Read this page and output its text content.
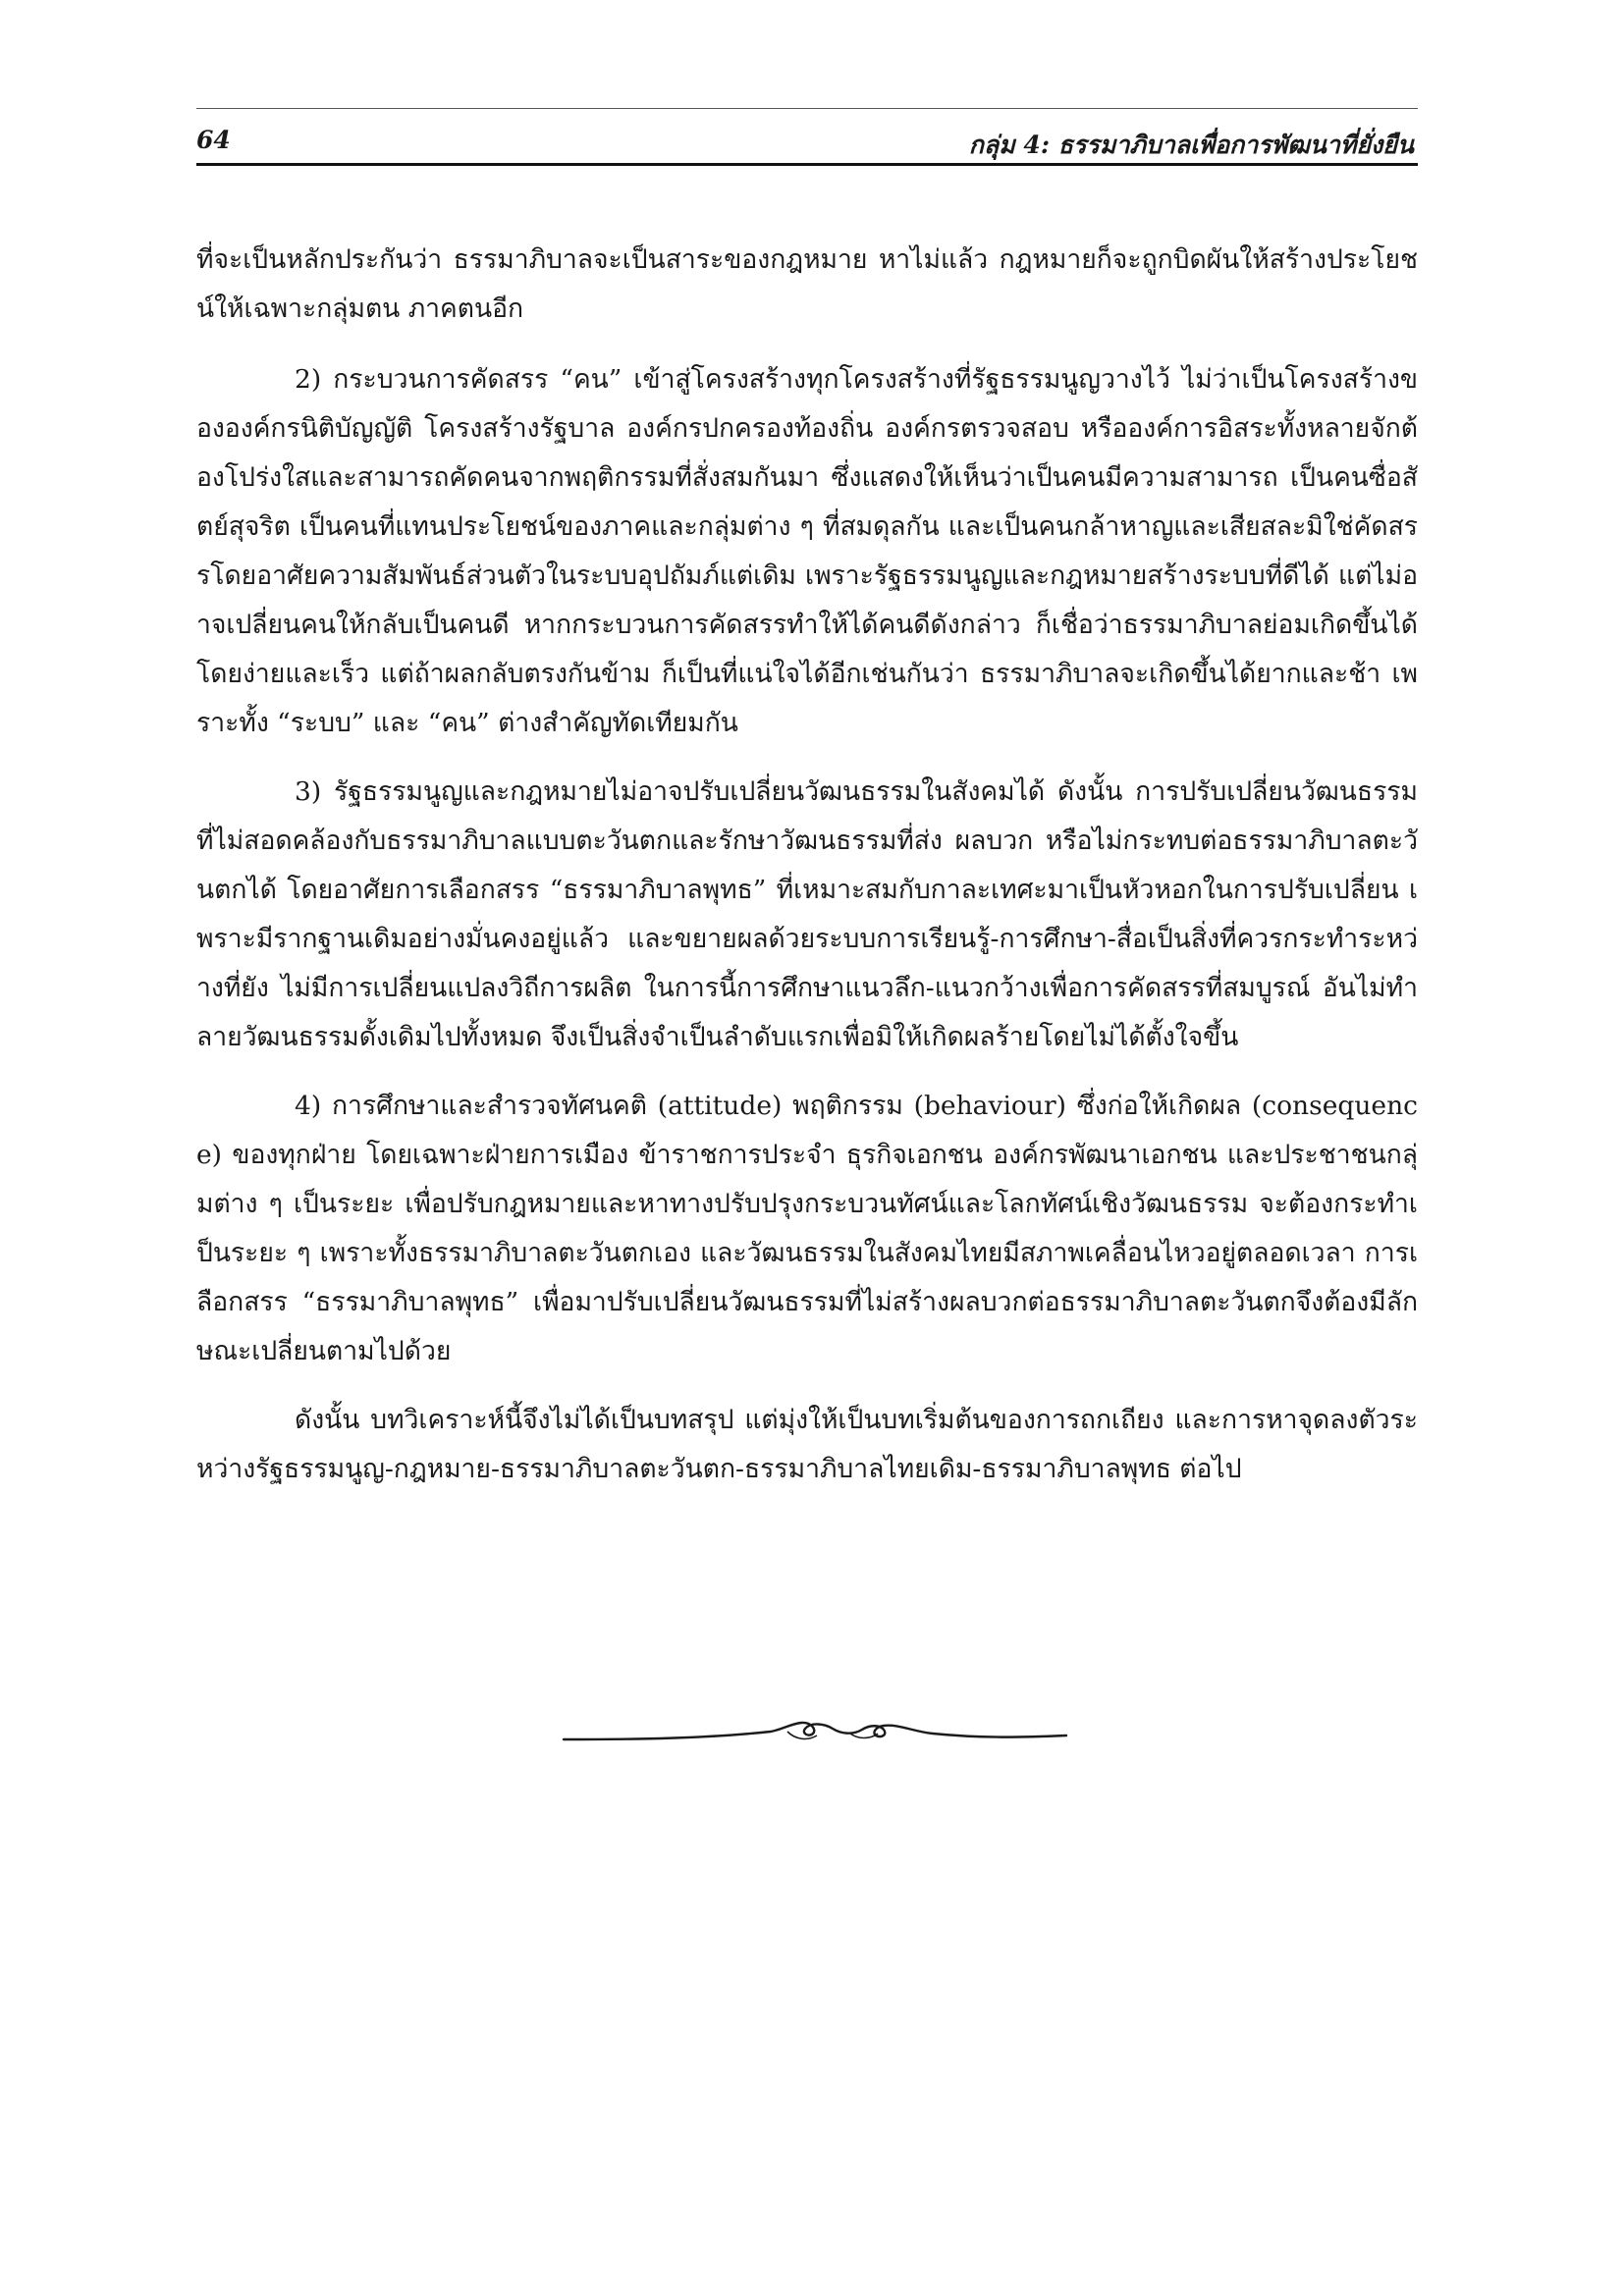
64	กลุ่ม 4: ธรรมาภิบาลเพื่อการพัฒนาที่ยั่งยืน

ที่จะเป็นหลักประกันว่า ธรรมาภิบาลจะเป็นสาระของกฎหมาย หาไม่แล้ว กฎหมายก็จะถูกบิดผันให้สร้างประโยชน์ให้เฉพาะกลุ่มตน ภาคตนอีก

2) กระบวนการคัดสรร “คน” เข้าสู่โครงสร้างทุกโครงสร้างที่รัฐธรรมนูญวางไว้ ไม่ว่าเป็นโครงสร้างขององค์กรนิติบัญญัติ โครงสร้างรัฐบาล องค์กรปกครองท้องถิ่น องค์กรตรวจสอบ หรือองค์การอิสระทั้งหลายจักต้องโปร่งใสและสามารถคัดคนจากพฤติกรรมที่สั่งสมกันมา ซึ่งแสดงให้เห็นว่าเป็นคนมีความสามารถ เป็นคนซื่อสัตย์สุจริต เป็นคนที่แทนประโยชน์ของภาคและกลุ่มต่าง ๆ ที่สมดุลกัน และเป็นคนกล้าหาญและเสียสละมิใช่คัดสรรโดยอาศัยความสัมพันธ์ส่วนตัวในระบบอุปถัมภ์แต่เดิม เพราะรัฐธรรมนูญและกฎหมายสร้างระบบที่ดีได้ แต่ไม่อาจเปลี่ยนคนให้กลับเป็นคนดี หากกระบวนการคัดสรรทำให้ได้คนดีดังกล่าว ก็เชื่อว่าธรรมาภิบาลย่อมเกิดขึ้นได้โดยง่ายและเร็ว แต่ถ้าผลกลับตรงกันข้าม ก็เป็นที่แน่ใจได้อีกเช่นกันว่า ธรรมาภิบาลจะเกิดขึ้นได้ยากและช้า เพราะทั้ง “ระบบ” และ “คน” ต่างสำคัญทัดเทียมกัน

3) รัฐธรรมนูญและกฎหมายไม่อาจปรับเปลี่ยนวัฒนธรรมในสังคมได้ ดังนั้น การปรับเปลี่ยนวัฒนธรรมที่ไม่สอดคล้องกับธรรมาภิบาลแบบตะวันตกและรักษาวัฒนธรรมที่ส่ง ผลบวก หรือไม่กระทบต่อธรรมาภิบาลตะวันตกได้ โดยอาศัยการเลือกสรร “ธรรมาภิบาลพุทธ” ที่เหมาะสมกับกาละเทศะมาเป็นหัวหอกในการปรับเปลี่ยน เพราะมีรากฐานเดิมอย่างมั่นคงอยู่แล้ว และขยายผลด้วยระบบการเรียนรู้-การศึกษา-สื่อเป็นสิ่งที่ควรกระทำระหว่างที่ยัง ไม่มีการเปลี่ยนแปลงวิถีการผลิต ในการนี้การศึกษาแนวลึก-แนวกว้างเพื่อการคัดสรรที่สมบูรณ์ อันไม่ทำลายวัฒนธรรมดั้งเดิมไปทั้งหมด จึงเป็นสิ่งจำเป็นลำดับแรกเพื่อมิให้เกิดผลร้ายโดยไม่ได้ตั้งใจขึ้น

4) การศึกษาและสำรวจทัศนคติ (attitude) พฤติกรรม (behaviour) ซึ่งก่อให้เกิดผล (consequence) ของทุกฝ่าย โดยเฉพาะฝ่ายการเมือง ข้าราชการประจำ ธุรกิจเอกชน องค์กรพัฒนาเอกชน และประชาชนกลุ่มต่าง ๆ เป็นระยะ เพื่อปรับกฎหมายและหาทางปรับปรุงกระบวนทัศน์และโลกทัศน์เชิงวัฒนธรรม จะต้องกระทำเป็นระยะ ๆ เพราะทั้งธรรมาภิบาลตะวันตกเอง และวัฒนธรรมในสังคมไทยมีสภาพเคลื่อนไหวอยู่ตลอดเวลา การเลือกสรร “ธรรมาภิบาลพุทธ” เพื่อมาปรับเปลี่ยนวัฒนธรรมที่ไม่สร้างผลบวกต่อธรรมาภิบาลตะวันตกจึงต้องมีลักษณะเปลี่ยนตามไปด้วย

ดังนั้น บทวิเคราะห์นี้จึงไม่ได้เป็นบทสรุป แต่มุ่งให้เป็นบทเริ่มต้นของการถกเถียง และการหาจุดลงตัวระหว่างรัฐธรรมนูญ-กฎหมาย-ธรรมาภิบาลตะวันตก-ธรรมาภิบาลไทยเดิม-ธรรมาภิบาลพุทธ ต่อไป
